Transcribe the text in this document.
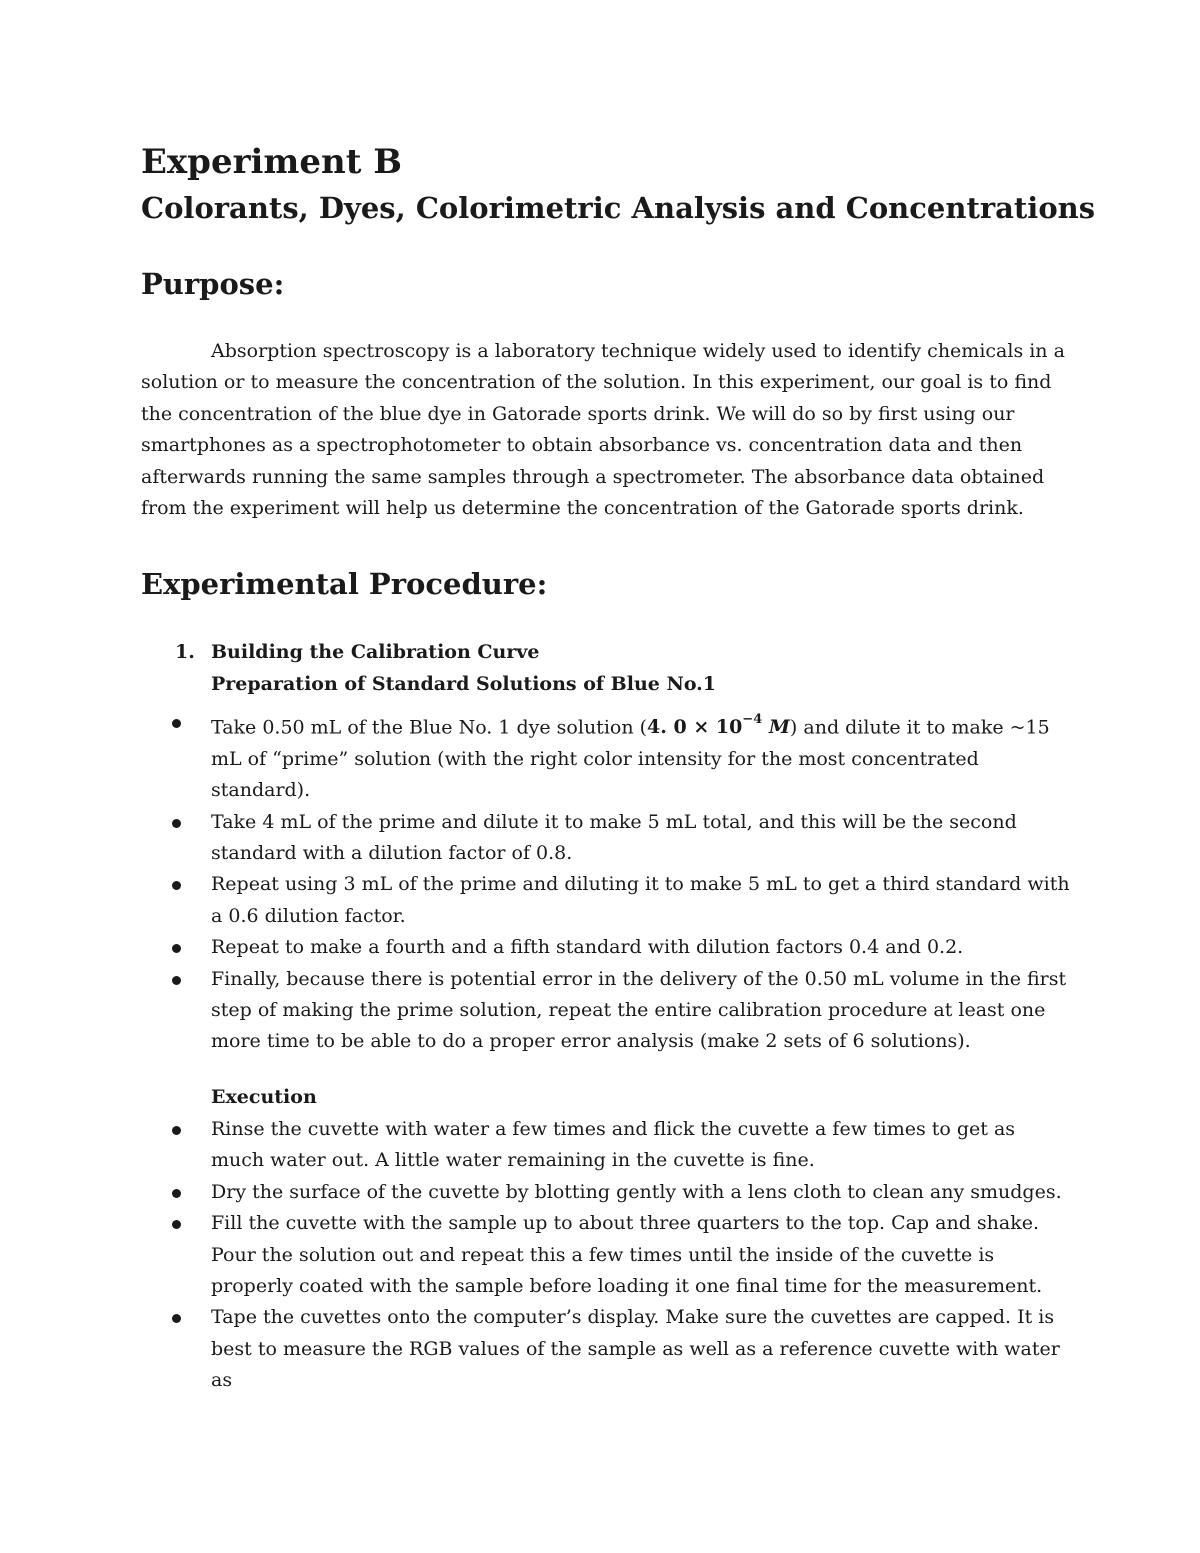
Experiment B
Colorants, Dyes, Colorimetric Analysis and Concentrations
Purpose:

Absorption spectroscopy is a laboratory technique widely used to identify chemicals in a solution or to measure the concentration of the solution. In this experiment, our goal is to find the concentration of the blue dye in Gatorade sports drink. We will do so by first using our smartphones as a spectrophotometer to obtain absorbance vs. concentration data and then afterwards running the same samples through a spectrometer. The absorbance data obtained from the experiment will help us determine the concentration of the Gatorade sports drink.

Experimental Procedure:
1. Building the Calibration Curve
Preparation of Standard Solutions of Blue No.1
Take 0.50 mL of the Blue No. 1 dye solution (4. $0 \times 10^{-4}$ M) and dilute it to make ~15 mL of “prime” solution (with the right color intensity for the most concentrated standard).
Take 4 mL of the prime and dilute it to make 5 mL total, and this will be the second standard with a dilution factor of 0.8.
Repeat using 3 mL of the prime and diluting it to make 5 mL to get a third standard with a 0.6 dilution factor.
Repeat to make a fourth and a fifth standard with dilution factors 0.4 and 0.2.
Finally, because there is potential error in the delivery of the 0.50 mL volume in the first step of making the prime solution, repeat the entire calibration procedure at least one more time to be able to do a proper error analysis (make 2 sets of 6 solutions).
Execution
Rinse the cuvette with water a few times and flick the cuvette a few times to get as much water out. A little water remaining in the cuvette is fine.
Dry the surface of the cuvette by blotting gently with a lens cloth to clean any smudges.
Fill the cuvette with the sample up to about three quarters to the top. Cap and shake. Pour the solution out and repeat this a few times until the inside of the cuvette is properly coated with the sample before loading it one final time for the measurement.
Tape the cuvettes onto the computer’s display. Make sure the cuvettes are capped. It is best to measure the RGB values of the sample as well as a reference cuvette with water as
